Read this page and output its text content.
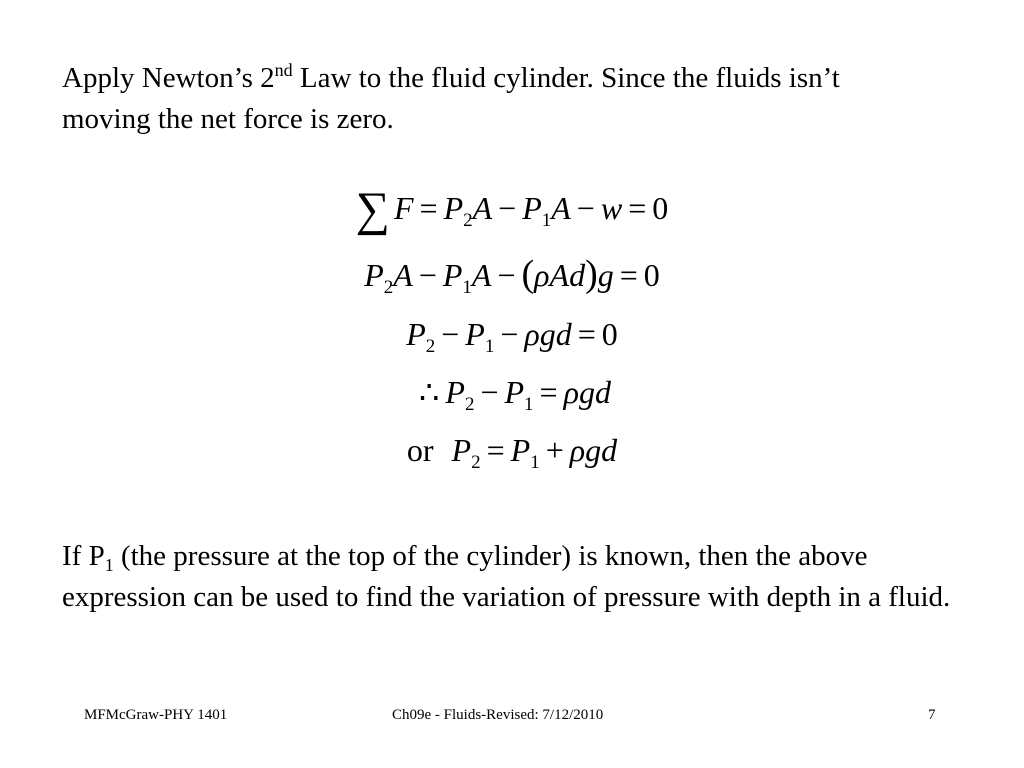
Apply Newton’s 2nd Law to the fluid cylinder. Since the fluids isn’t moving the net force is zero.

∑ $F = P_2A - P_1A - w = 0$
$P_2A - P_1A - (\rho Ad)g = 0$
$P_2 - P_1 - \rho gd = 0$
∴ $P_2 - P_1 = \rho gd$
or $P_2 = P_1 + \rho gd$

If $P_1$ (the pressure at the top of the cylinder) is known, then the above expression can be used to find the variation of pressure with depth in a fluid.

MFMcGraw-PHY 1401	Ch09e - Fluids-Revised: 7/12/2010	7
